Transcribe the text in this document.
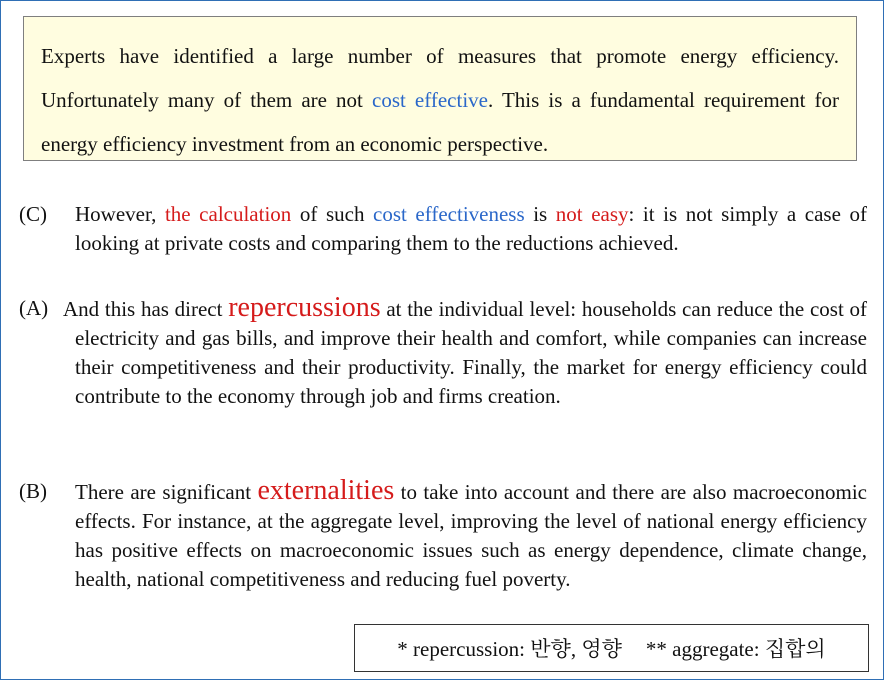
Experts have identified a large number of measures that promote energy efficiency. Unfortunately many of them are not cost effective. This is a fundamental requirement for energy efficiency investment from an economic perspective.
(C)	However, the calculation of such cost effectiveness is not easy: it is not simply a case of looking at private costs and comparing them to the reductions achieved.
(A) And this has direct repercussions at the individual level: households can reduce the cost of electricity and gas bills, and improve their health and comfort, while companies can increase their competitiveness and their productivity. Finally, the market for energy efficiency could contribute to the economy through job and firms creation.
(B)	There are significant externalities to take into account and there are also macroeconomic effects. For instance, at the aggregate level, improving the level of national energy efficiency has positive effects on macroeconomic issues such as energy dependence, climate change, health, national competitiveness and reducing fuel poverty.
* repercussion: 반향, 영향 ** aggregate: 집합의
